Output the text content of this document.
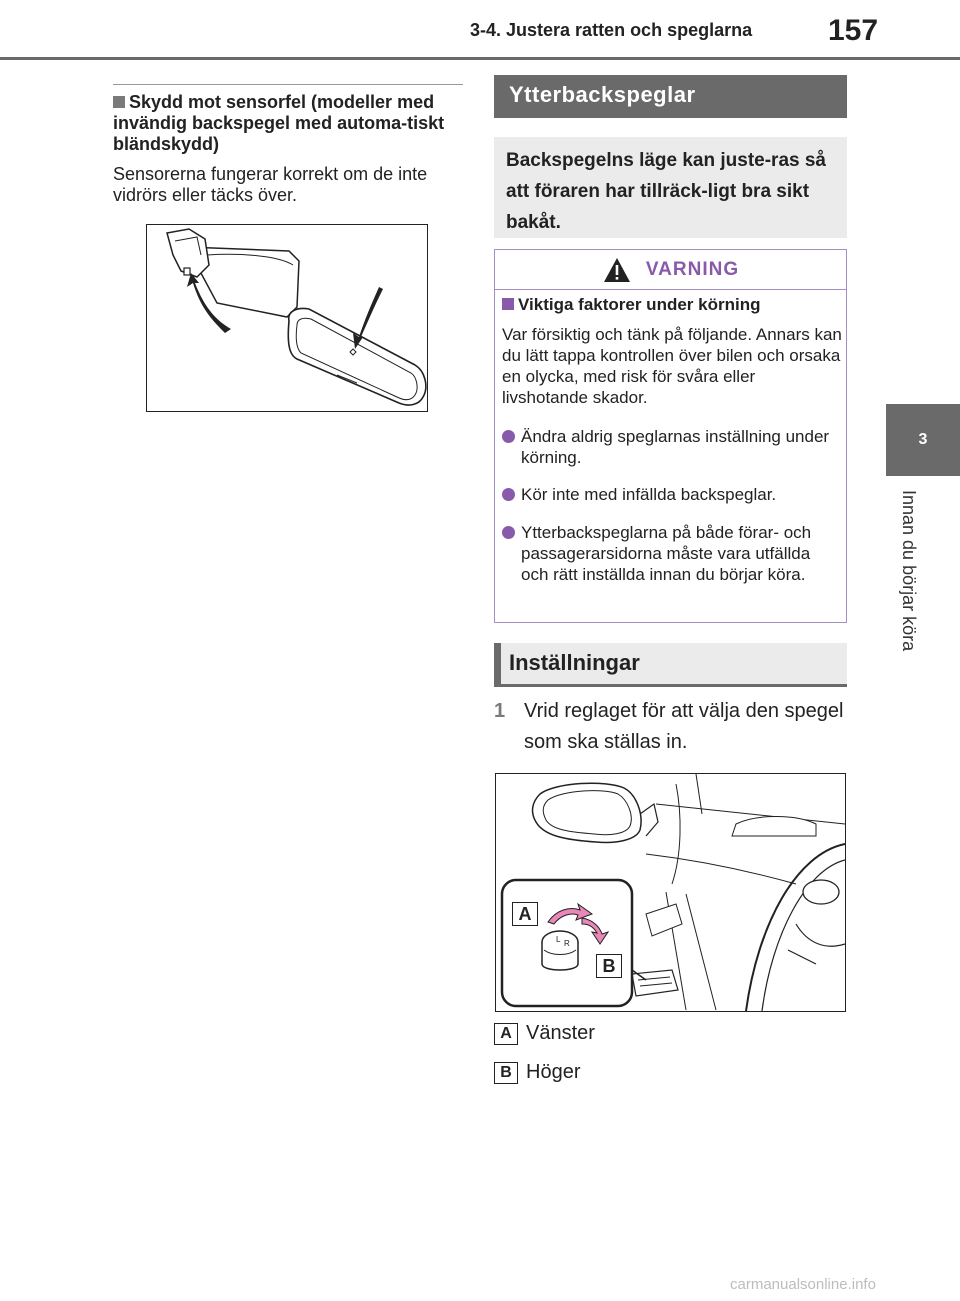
3-4. Justera ratten och speglarna	157
3
Innan du börjar köra
Skydd mot sensorfel (modeller med invändig backspegel med automa-tiskt bländskydd)
Sensorerna fungerar korrekt om de inte vidrörs eller täcks över.
Ytterbackspeglar
Backspegelns läge kan juste-ras så att föraren har tillräck-ligt bra sikt bakåt.
VARNING
Viktiga faktorer under körning
Var försiktig och tänk på följande. Annars kan du lätt tappa kontrollen över bilen och orsaka en olycka, med risk för svåra eller livshotande skador.
Ändra aldrig speglarnas inställning under körning.
Kör inte med infällda backspeglar.
Ytterbackspeglarna på både förar- och passagerarsidorna måste vara utfällda och rätt inställda innan du börjar köra.
Inställningar
1 Vrid reglaget för att välja den spegel som ska ställas in.
L R
A
B
A Vänster
B Höger
carmanualsonline.info
